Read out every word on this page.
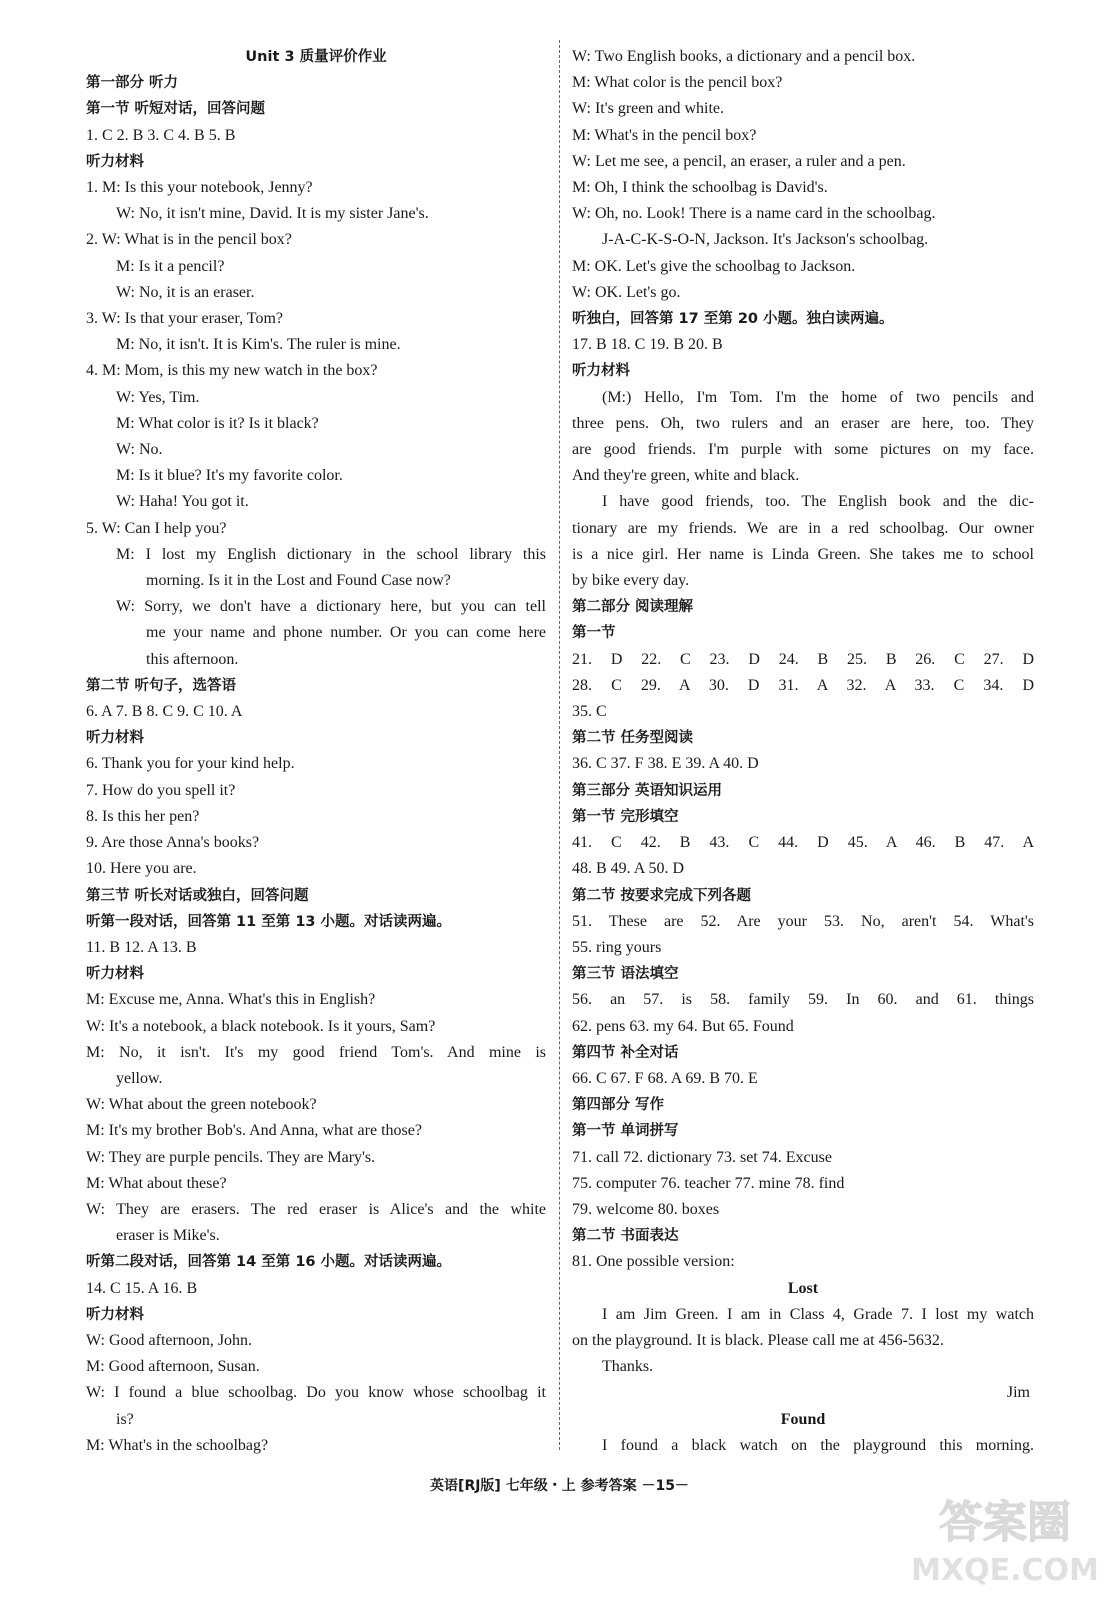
Unit 3 质量评价作业
第一部分 听力
第一节 听短对话，回答问题
1. C 2. B 3. C 4. B 5. B
听力材料
1. M: Is this your notebook, Jenny?
W: No, it isn't mine, David. It is my sister Jane's.
2. W: What is in the pencil box?
M: Is it a pencil?
W: No, it is an eraser.
3. W: Is that your eraser, Tom?
M: No, it isn't. It is Kim's. The ruler is mine.
4. M: Mom, is this my new watch in the box?
W: Yes, Tim.
M: What color is it? Is it black?
W: No.
M: Is it blue? It's my favorite color.
W: Haha! You got it.
5. W: Can I help you?
M: I lost my English dictionary in the school library this
morning. Is it in the Lost and Found Case now?
W: Sorry, we don't have a dictionary here, but you can tell
me your name and phone number. Or you can come here
this afternoon.
第二节 听句子，选答语
6. A 7. B 8. C 9. C 10. A
听力材料
6. Thank you for your kind help.
7. How do you spell it?
8. Is this her pen?
9. Are those Anna's books?
10. Here you are.
第三节 听长对话或独白，回答问题
听第一段对话，回答第 11 至第 13 小题。对话读两遍。
11. B 12. A 13. B
听力材料
M: Excuse me, Anna. What's this in English?
W: It's a notebook, a black notebook. Is it yours, Sam?
M: No, it isn't. It's my good friend Tom's. And mine is
yellow.
W: What about the green notebook?
M: It's my brother Bob's. And Anna, what are those?
W: They are purple pencils. They are Mary's.
M: What about these?
W: They are erasers. The red eraser is Alice's and the white
eraser is Mike's.
听第二段对话，回答第 14 至第 16 小题。对话读两遍。
14. C 15. A 16. B
听力材料
W: Good afternoon, John.
M: Good afternoon, Susan.
W: I found a blue schoolbag. Do you know whose schoolbag it
is?
M: What's in the schoolbag?
W: Two English books, a dictionary and a pencil box.
M: What color is the pencil box?
W: It's green and white.
M: What's in the pencil box?
W: Let me see, a pencil, an eraser, a ruler and a pen.
M: Oh, I think the schoolbag is David's.
W: Oh, no. Look! There is a name card in the schoolbag.
J-A-C-K-S-O-N, Jackson. It's Jackson's schoolbag.
M: OK. Let's give the schoolbag to Jackson.
W: OK. Let's go.
听独白，回答第 17 至第 20 小题。独白读两遍。
17. B 18. C 19. B 20. B
听力材料
(M:) Hello, I'm Tom. I'm the home of two pencils and
three pens. Oh, two rulers and an eraser are here, too. They
are good friends. I'm purple with some pictures on my face.
And they're green, white and black.
I have good friends, too. The English book and the dic-
tionary are my friends. We are in a red schoolbag. Our owner
is a nice girl. Her name is Linda Green. She takes me to school
by bike every day.
第二部分 阅读理解
第一节
21. D 22. C 23. D 24. B 25. B 26. C 27. D
28. C 29. A 30. D 31. A 32. A 33. C 34. D
35. C
第二节 任务型阅读
36. C 37. F 38. E 39. A 40. D
第三部分 英语知识运用
第一节 完形填空
41. C 42. B 43. C 44. D 45. A 46. B 47. A
48. B 49. A 50. D
第二节 按要求完成下列各题
51. These are 52. Are your 53. No, aren't 54. What's
55. ring yours
第三节 语法填空
56. an 57. is 58. family 59. In 60. and 61. things
62. pens 63. my 64. But 65. Found
第四节 补全对话
66. C 67. F 68. A 69. B 70. E
第四部分 写作
第一节 单词拼写
71. call 72. dictionary 73. set 74. Excuse
75. computer 76. teacher 77. mine 78. find
79. welcome 80. boxes
第二节 书面表达
81. One possible version:
Lost
I am Jim Green. I am in Class 4, Grade 7. I lost my watch
on the playground. It is black. Please call me at 456-5632.
Thanks.
Jim
Found
I found a black watch on the playground this morning.
英语[RJ版] 七年级・上 参考答案 －15－
答案圈
MXQE.COM
